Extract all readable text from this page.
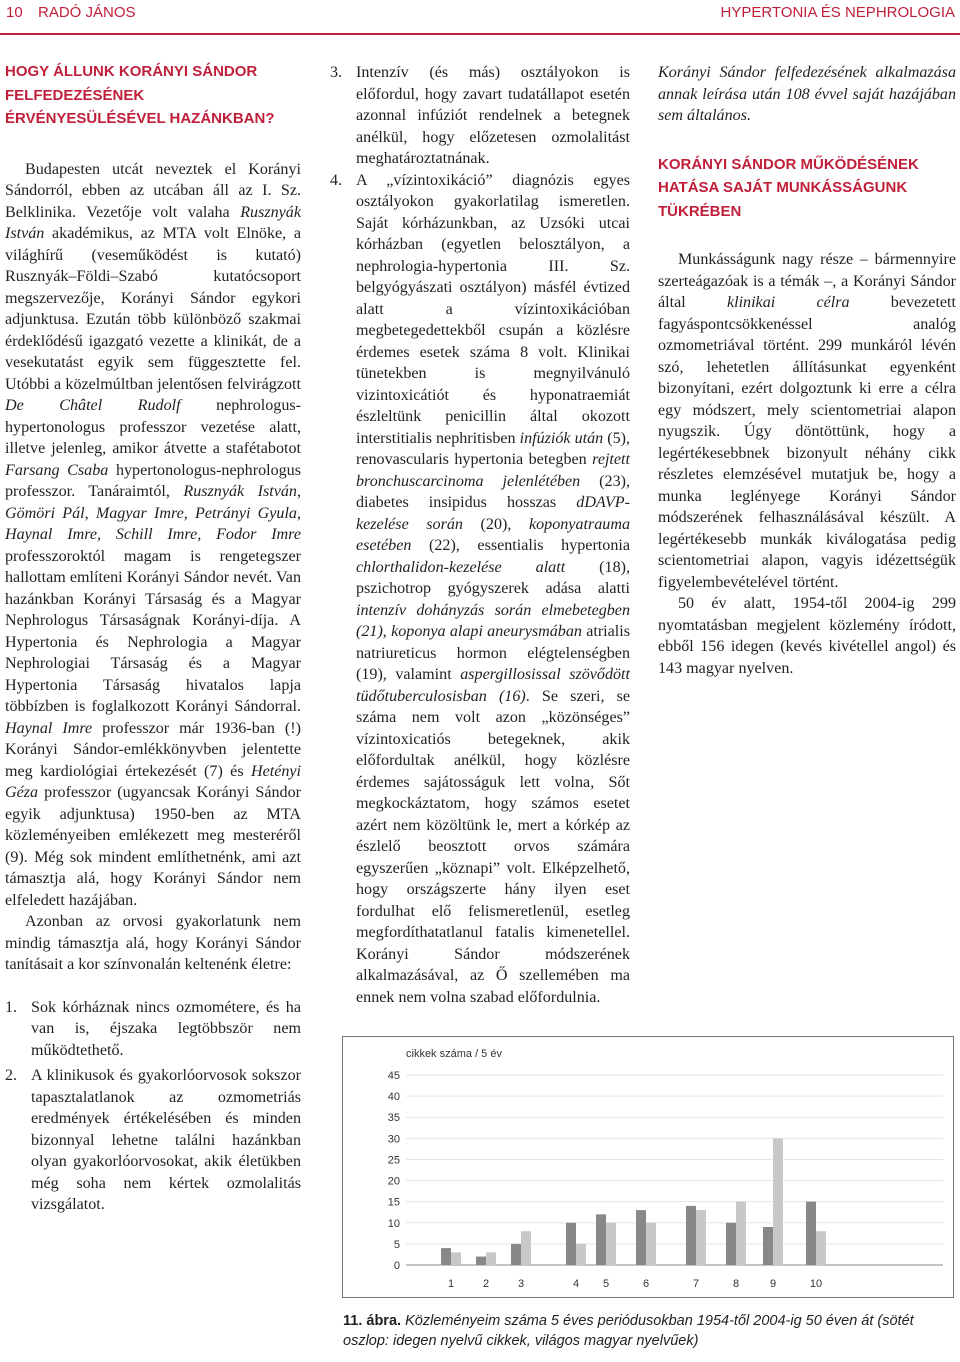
10 RADÓ JÁNOS	HYPERTONIA ÉS NEPHROLOGIA
HOGY ÁLLUNK KORÁNYI SÁNDOR FELFEDEZÉSÉNEK ÉRVÉNYESÜLÉSÉVEL HAZÁNKBAN?

Budapesten utcát neveztek el Korányi Sándorról, ebben az utcában áll az I. Sz. Belklinika. Vezetője volt valaha Rusznyák István akadémikus, az MTA volt Elnöke, a világhírű (veseműködést is kutató) Rusznyák–Földi–Szabó kutatócsoport megszervezője, Korányi Sándor egykori adjunktusa. Ezután több különböző szakmai érdeklődésű igazgató vezette a klinikát, de a vesekutatást egyik sem függesztette fel. Utóbbi a közelmúltban jelentősen felvirágzott De Châtel Rudolf nephrologus-hypertonologus professzor vezetése alatt, illetve jelenleg, amikor átvette a stafétabotot Farsang Csaba hypertonologus-nephrologus professzor. Tanáraimtól, Rusznyák István, Gömöri Pál, Magyar Imre, Petrányi Gyula, Haynal Imre, Schill Imre, Fodor Imre professzoroktól magam is rengetegszer hallottam említeni Korányi Sándor nevét. Van hazánkban Korányi Társaság és a Magyar Nephrologus Társaságnak Korányi-díja. A Hypertonia és Nephrologia a Magyar Nephrologiai Társaság és a Magyar Hypertonia Társaság hivatalos lapja többízben is foglalkozott Korányi Sándorral. Haynal Imre professzor már 1936-ban (!) Korányi Sándor-emlékkönyvben jelentette meg kardiológiai értekezését (7) és Hetényi Géza professzor (ugyancsak Korányi Sándor egyik adjunktusa) 1950-ben az MTA közleményeiben emlékezett meg mesteréről (9). Még sok mindent említhetnénk, ami azt támasztja alá, hogy Korányi Sándor nem elfeledett hazájában.

Azonban az orvosi gyakorlatunk nem mindig támasztja alá, hogy Korányi Sándor tanításait a kor színvonalán keltenénk életre:

1. Sok kórháznak nincs ozmométere, és ha van is, éjszaka legtöbbször nem működtethető.
2. A klinikusok és gyakorlóorvosok sokszor tapasztalatlanok az ozmometriás eredmények értékelésében és minden bizonnyal lehetne találni hazánkban olyan gyakorlóorvosokat, akik életükben még soha nem kértek ozmolalitás vizsgálatot.
3. Intenzív (és más) osztályokon is előfordul, hogy zavart tudatállapot esetén azonnal infúziót rendelnek a betegnek anélkül, hogy előzetesen ozmolalitást meghatároztatnának.
4. A „vízintoxikáció” diagnózis egyes osztályokon gyakorlatilag ismeretlen. Saját kórházunkban, az Uzsóki utcai kórházban (egyetlen belosztályon, a nephrologia-hypertonia III. Sz. belgyógyászati osztályon) másfél évtized alatt a vízintoxikációban megbetegedettekből csupán a közlésre érdemes esetek száma 8 volt. Klinikai tünetekben is megnyilvánuló vizintoxicátiót és hyponatraemiát észleltünk penicillin által okozott interstitialis nephritisben infúziók után (5), renovascularis hypertonia betegben rejtett bronchuscarcinoma jelenlétében (23), diabetes insipidus hosszas dDAVP-kezelése során (20), koponyatrauma esetében (22), essentialis hypertonia chlorthalidon-kezelése alatt (18), pszichotrop gyógyszerek adása alatti intenzív dohányzás során elmebetegben (21), koponya alapi aneurysmában atrialis natriureticus hormon elégtelenségben (19), valamint aspergillosissal szövődött tüdőtuberculosisban (16). Se szeri, se száma nem volt azon „közönséges” vízintoxicatiós betegeknek, akik előfordultak anélkül, hogy közlésre érdemes sajátosságuk lett volna, Sőt megkockáztatom, hogy számos esetet azért nem közöltünk le, mert a kórkép az észlelő beosztott orvos számára egyszerűen „köznapi” volt. Elképzelhető, hogy országszerte hány ilyen eset fordulhat elő felismeretlenül, esetleg megfordíthatatlanul fatalis kimenetellel. Korányi Sándor módszerének alkalmazásával, az Ő szellemében ma ennek nem volna szabad előfordulnia.

Korányi Sándor felfedezésének alkalmazása annak leírása után 108 évvel saját hazájában sem általános.

KORÁNYI SÁNDOR MŰKÖDÉSÉNEK HATÁSA SAJÁT MUNKÁSSÁGUNK TÜKRÉBEN

Munkásságunk nagy része – bármennyire szerteágazóak is a témák –, a Korányi Sándor által klinikai célra bevezetett fagyáspontcsökkenéssel analóg ozmometriával történt. 299 munkáról lévén szó, lehetetlen állításunkat egyenként bizonyítani, ezért dolgoztunk ki erre a célra egy módszert, mely scientometriai alapon nyugszik. Úgy döntöttünk, hogy a legértékesebbnek bizonyult néhány cikk részletes elemzésével mutatjuk be, hogy a munka leglényege Korányi Sándor módszerének felhasználásával készült. A legértékesebb munkák kiválogatása pedig scientometriai alapon, vagyis idézettségük figyelembevételével történt.

50 év alatt, 1954-től 2004-ig 299 nyomtatásban megjelent közlemény íródott, ebből 156 idegen (kevés kivétellel angol) és 143 magyar nyelven.

cikkek száma / 5 év
0
5
10
15
20
25
30
35
40
45
1	2	3	4 5	6	7	8	9	10
11. ábra. Közleményeim száma 5 éves periódusokban 1954-től 2004-ig 50 éven át (sötét oszlop: idegen nyelvű cikkek, világos magyar nyelvűek)
